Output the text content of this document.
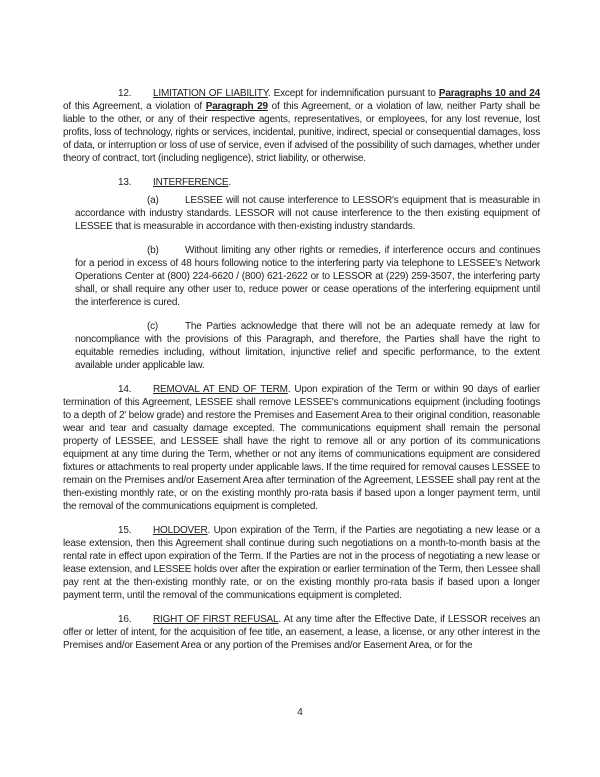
12. LIMITATION OF LIABILITY. Except for indemnification pursuant to Paragraphs 10 and 24 of this Agreement, a violation of Paragraph 29 of this Agreement, or a violation of law, neither Party shall be liable to the other, or any of their respective agents, representatives, or employees, for any lost revenue, lost profits, loss of technology, rights or services, incidental, punitive, indirect, special or consequential damages, loss of data, or interruption or loss of use of service, even if advised of the possibility of such damages, whether under theory of contract, tort (including negligence), strict liability, or otherwise.

13. INTERFERENCE.

(a)	LESSEE will not cause interference to LESSOR's equipment that is measurable in accordance with industry standards. LESSOR will not cause interference to the then existing equipment of LESSEE that is measurable in accordance with then-existing industry standards.

(b)	Without limiting any other rights or remedies, if interference occurs and continues for a period in excess of 48 hours following notice to the interfering party via telephone to LESSEE's Network Operations Center at (800) 224-6620 / (800) 621-2622 or to LESSOR at (229) 259-3507, the interfering party shall, or shall require any other user to, reduce power or cease operations of the interfering equipment until the interference is cured.

(c)	The Parties acknowledge that there will not be an adequate remedy at law for noncompliance with the provisions of this Paragraph, and therefore, the Parties shall have the right to equitable remedies including, without limitation, injunctive relief and specific performance, to the extent available under applicable law.

14. REMOVAL AT END OF TERM. Upon expiration of the Term or within 90 days of earlier termination of this Agreement, LESSEE shall remove LESSEE's communications equipment (including footings to a depth of 2' below grade) and restore the Premises and Easement Area to their original condition, reasonable wear and tear and casualty damage excepted. The communications equipment shall remain the personal property of LESSEE, and LESSEE shall have the right to remove all or any portion of its communications equipment at any time during the Term, whether or not any items of communications equipment are considered fixtures or attachments to real property under applicable laws. If the time required for removal causes LESSEE to remain on the Premises and/or Easement Area after termination of the Agreement, LESSEE shall pay rent at the then-existing monthly rate, or on the existing monthly pro-rata basis if based upon a longer payment term, until the removal of the communications equipment is completed.

15. HOLDOVER. Upon expiration of the Term, if the Parties are negotiating a new lease or a lease extension, then this Agreement shall continue during such negotiations on a month-to-month basis at the rental rate in effect upon expiration of the Term. If the Parties are not in the process of negotiating a new lease or lease extension, and LESSEE holds over after the expiration or earlier termination of the Term, then Lessee shall pay rent at the then-existing monthly rate, or on the existing monthly pro-rata basis if based upon a longer payment term, until the removal of the communications equipment is completed.

16. RIGHT OF FIRST REFUSAL. At any time after the Effective Date, if LESSOR receives an offer or letter of intent, for the acquisition of fee title, an easement, a lease, a license, or any other interest in the Premises and/or Easement Area or any portion of the Premises and/or Easement Area, or for the

4
